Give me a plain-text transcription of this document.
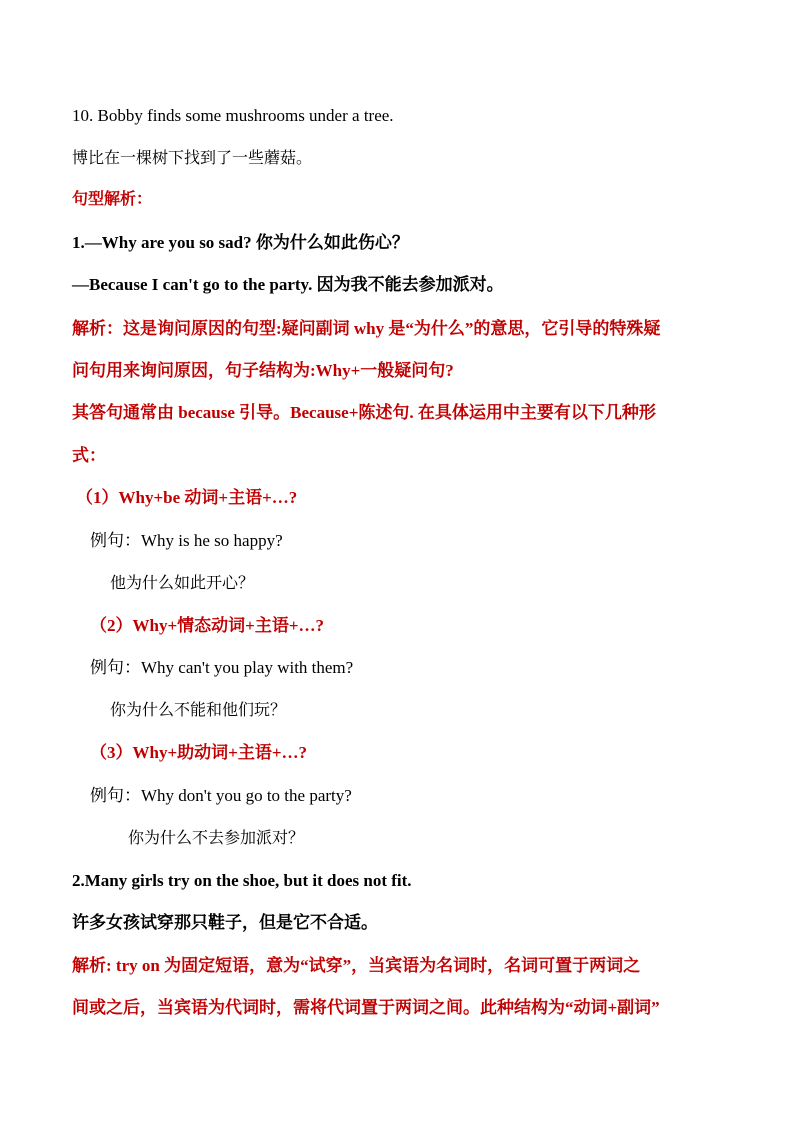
10. Bobby finds some mushrooms under a tree.
博比在一棵树下找到了一些蘑菇。
句型解析：
1.—Why are you so sad? 你为什么如此伤心？
—Because I can't go to the party. 因为我不能去参加派对。
解析：这是询问原因的句型:疑问副词 why 是“为什么”的意思，它引导的特殊疑
问句用来询问原因，句子结构为:Why+一般疑问句?
其答句通常由 because 引导。Because+陈述句. 在具体运用中主要有以下几种形
式：
（1）Why+be 动词+主语+…?
例句：Why is he so happy?
他为什么如此开心？
（2）Why+情态动词+主语+…?
例句：Why can't you play with them?
你为什么不能和他们玩？
（3）Why+助动词+主语+…?
例句：Why don't you go to the party?
你为什么不去参加派对？
2.Many girls try on the shoe, but it does not fit.
许多女孩试穿那只鞋子，但是它不合适。
解析: try on 为固定短语，意为“试穿”，当宾语为名词时，名词可置于两词之
间或之后，当宾语为代词时，需将代词置于两词之间。此种结构为“动词+副词”
